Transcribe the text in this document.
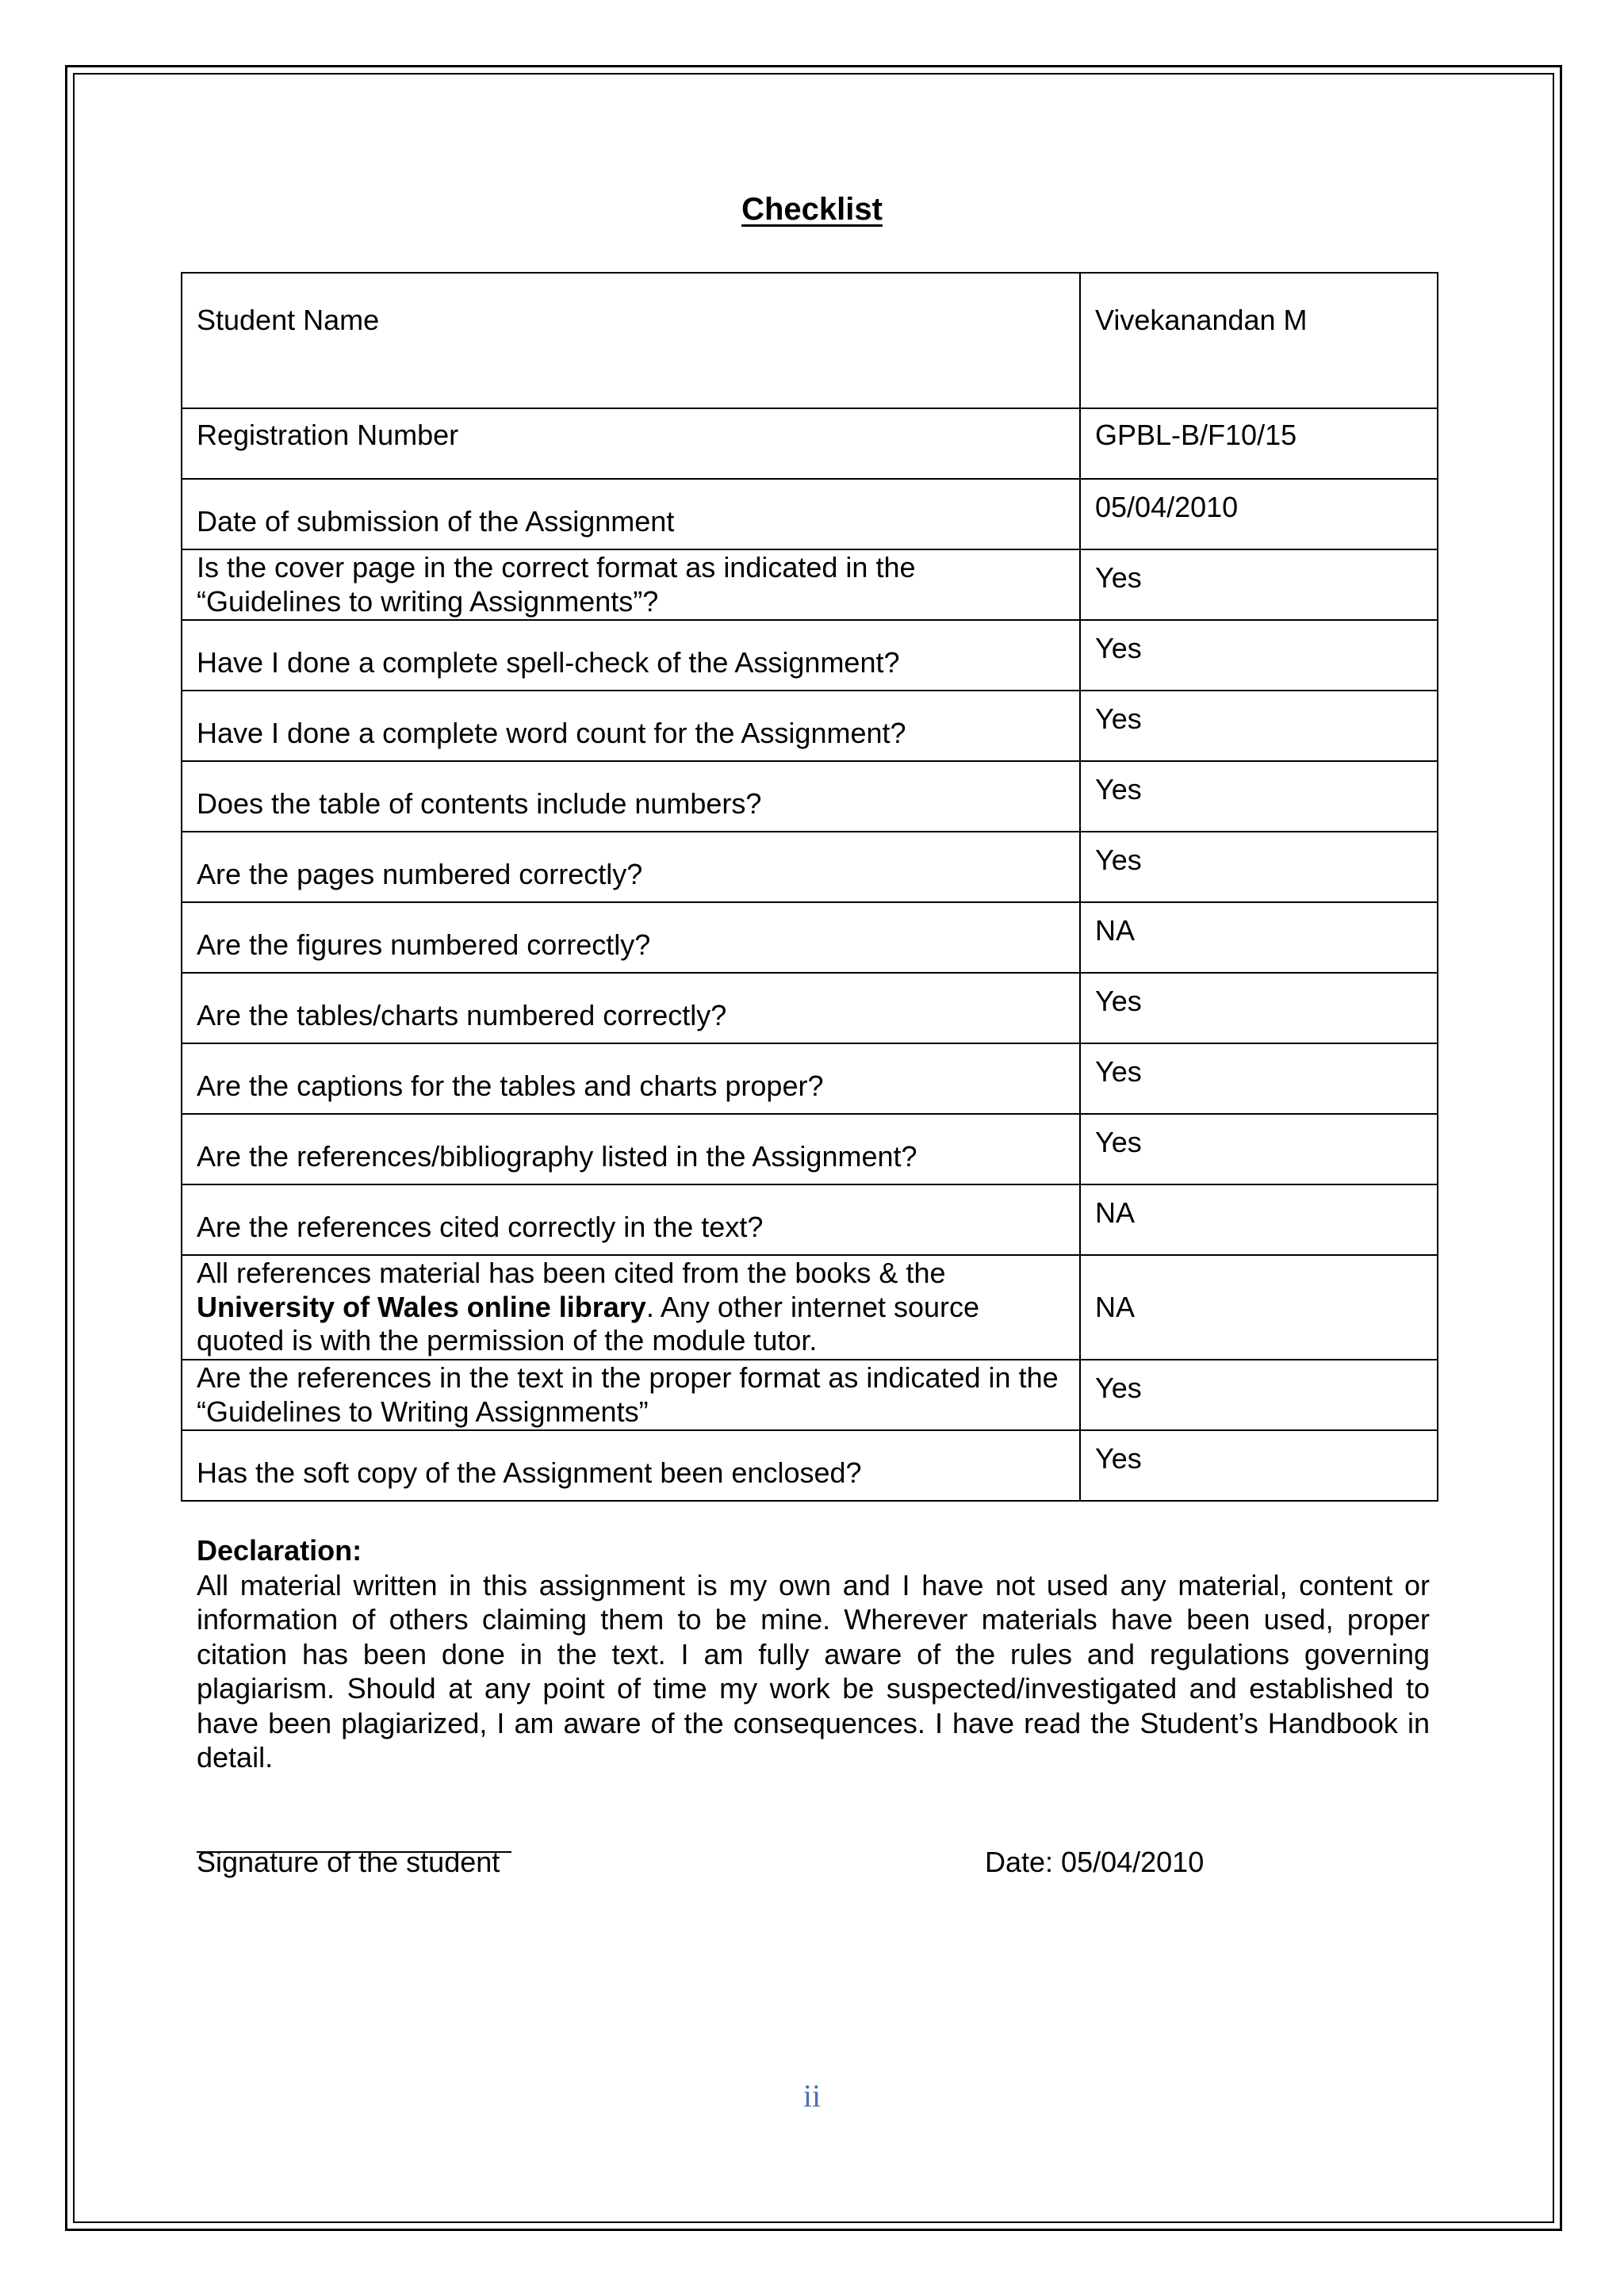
Checklist
Student Name	Vivekanandan M
Registration Number	GPBL-B/F10/15
Date of submission of the Assignment	05/04/2010
Is the cover page in the correct format as indicated in the “Guidelines to writing Assignments”?	Yes
Have I done a complete spell-check of the Assignment?	Yes
Have I done a complete word count for the Assignment?	Yes
Does the table of contents include numbers?	Yes
Are the pages numbered correctly?	Yes
Are the figures numbered correctly?	NA
Are the tables/charts numbered correctly?	Yes
Are the captions for the tables and charts proper?	Yes
Are the references/bibliography listed in the Assignment?	Yes
Are the references cited correctly in the text?	NA
All references material has been cited from the books & the University of Wales online library. Any other internet source quoted is with the permission of the module tutor.	NA
Are the references in the text in the proper format as indicated in the “Guidelines to Writing Assignments”	Yes
Has the soft copy of the Assignment been enclosed?	Yes

Declaration:

All material written in this assignment is my own and I have not used any material, content or information of others claiming them to be mine. Wherever materials have been used, proper citation has been done in the text. I am fully aware of the rules and regulations governing plagiarism. Should at any point of time my work be suspected/investigated and established to have been plagiarized, I am aware of the consequences. I have read the Student’s Handbook in detail.

Signature of the student	Date: 05/04/2010
ii
